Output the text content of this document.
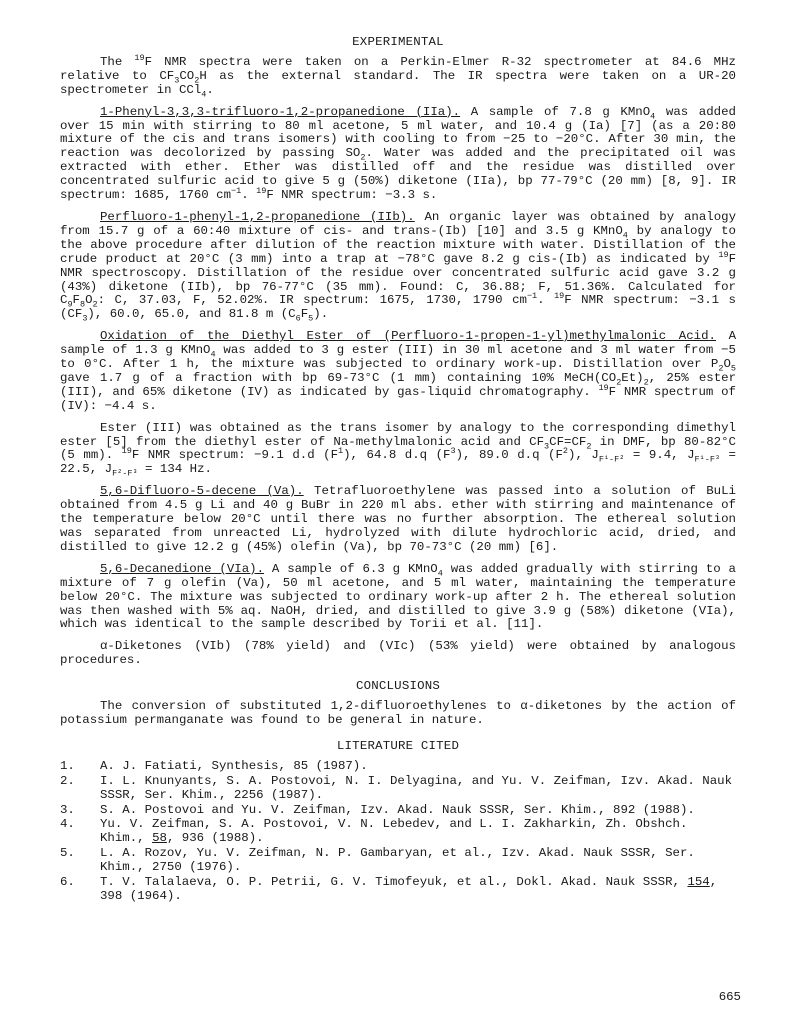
EXPERIMENTAL

The $^{19}$F NMR spectra were taken on a Perkin-Elmer R-32 spectrometer at 84.6 MHz relative to $CF_3CO_2H$ as the external standard. The IR spectra were taken on a UR-20 spectrometer in CCl$_4$.

1-Phenyl-3,3,3-trifluoro-1,2-propanedione (IIa). A sample of 7.8 g KMnO$_4$ was added over 15 min with stirring to 80 ml acetone, 5 ml water, and 10.4 g (Ia) [7] (as a 20:80 mixture of the cis and trans isomers) with cooling to from −25 to −20°C. After 30 min, the reaction was decolorized by passing $SO_2$. Water was added and the precipitated oil was extracted with ether. Ether was distilled off and the residue was distilled over concentrated sulfuric acid to give 5 g (50%) diketone (IIa), bp 77-79°C (20 mm) [8, 9]. IR spectrum: 1685, 1760 $cm^{-1}$. $^{19}$F NMR spectrum: −3.3 s.

Perfluoro-1-phenyl-1,2-propanedione (IIb). An organic layer was obtained by analogy from 15.7 g of a 60:40 mixture of cis- and trans-(Ib) [10] and 3.5 g KMnO$_4$ by analogy to the above procedure after dilution of the reaction mixture with water. Distillation of the crude product at 20°C (3 mm) into a trap at −78°C gave 8.2 g cis-(Ib) as indicated by $^{19}$F NMR spectroscopy. Distillation of the residue over concentrated sulfuric acid gave 3.2 g (43%) diketone (IIb), bp 76-77°C (35 mm). Found: C, 36.88; F, 51.36%. Calculated for $C_9F_8O_2$: C, 37.03, F, 52.02%. IR spectrum: 1675, 1730, 1790 $cm^{-1}$. $^{19}$F NMR spectrum: −3.1 s $(CF_3)$, 60.0, 65.0, and 81.8 m $(C_6F_5)$.

Oxidation of the Diethyl Ester of (Perfluoro-1-propen-1-yl)methylmalonic Acid. A sample of 1.3 g KMnO$_4$ was added to 3 g ester (III) in 30 ml acetone and 3 ml water from −5 to 0°C. After 1 h, the mixture was subjected to ordinary work-up. Distillation over $P_2O_5$ gave 1.7 g of a fraction with bp 69-73°C (1 mm) containing 10% $MeCH(CO_2Et)_2$, 25% ester (III), and 65% diketone (IV) as indicated by gas-liquid chromatography. $^{19}$F NMR spectrum of (IV): −4.4 s.

Ester (III) was obtained as the trans isomer by analogy to the corresponding dimethyl ester [5] from the diethyl ester of Na-methylmalonic acid and $CF_3CF=CF_2$ in DMF, bp 80-82°C (5 mm). $^{19}$F NMR spectrum: −9.1 d.d $(F^1)$, 64.8 d.q $(F^3)$, 89.0 d.q $(F^2)$, $J_{F^1-F^2} = 9.4$, $J_{F^1-F^3} = 22.5$, $J_{F^2-F^3} = 134$ Hz.

5,6-Difluoro-5-decene (Va). Tetrafluoroethylene was passed into a solution of BuLi obtained from 4.5 g Li and 40 g BuBr in 220 ml abs. ether with stirring and maintenance of the temperature below 20°C until there was no further absorption. The ethereal solution was separated from unreacted Li, hydrolyzed with dilute hydrochloric acid, dried, and distilled to give 12.2 g (45%) olefin (Va), bp 70-73°C (20 mm) [6].

5,6-Decanedione (VIa). A sample of 6.3 g KMnO$_4$ was added gradually with stirring to a mixture of 7 g olefin (Va), 50 ml acetone, and 5 ml water, maintaining the temperature below 20°C. The mixture was subjected to ordinary work-up after 2 h. The ethereal solution was then washed with 5% aq. NaOH, dried, and distilled to give 3.9 g (58%) diketone (VIa), which was identical to the sample described by Torii et al. [11].

α-Diketones (VIb) (78% yield) and (VIc) (53% yield) were obtained by analogous procedures.

CONCLUSIONS

The conversion of substituted 1,2-difluoroethylenes to α-diketones by the action of potassium permanganate was found to be general in nature.

LITERATURE CITED
1.	A. J. Fatiati, Synthesis, 85 (1987).
2.	I. L. Knunyants, S. A. Postovoi, N. I. Delyagina, and Yu. V. Zeifman, Izv. Akad. Nauk SSSR, Ser. Khim., 2256 (1987).
3.	S. A. Postovoi and Yu. V. Zeifman, Izv. Akad. Nauk SSSR, Ser. Khim., 892 (1988).
4.	Yu. V. Zeifman, S. A. Postovoi, V. N. Lebedev, and L. I. Zakharkin, Zh. Obshch. Khim., 58, 936 (1988).
5.	L. A. Rozov, Yu. V. Zeifman, N. P. Gambaryan, et al., Izv. Akad. Nauk SSSR, Ser. Khim., 2750 (1976).
6.	T. V. Talalaeva, O. P. Petrii, G. V. Timofeyuk, et al., Dokl. Akad. Nauk SSSR, 154, 398 (1964).
665
